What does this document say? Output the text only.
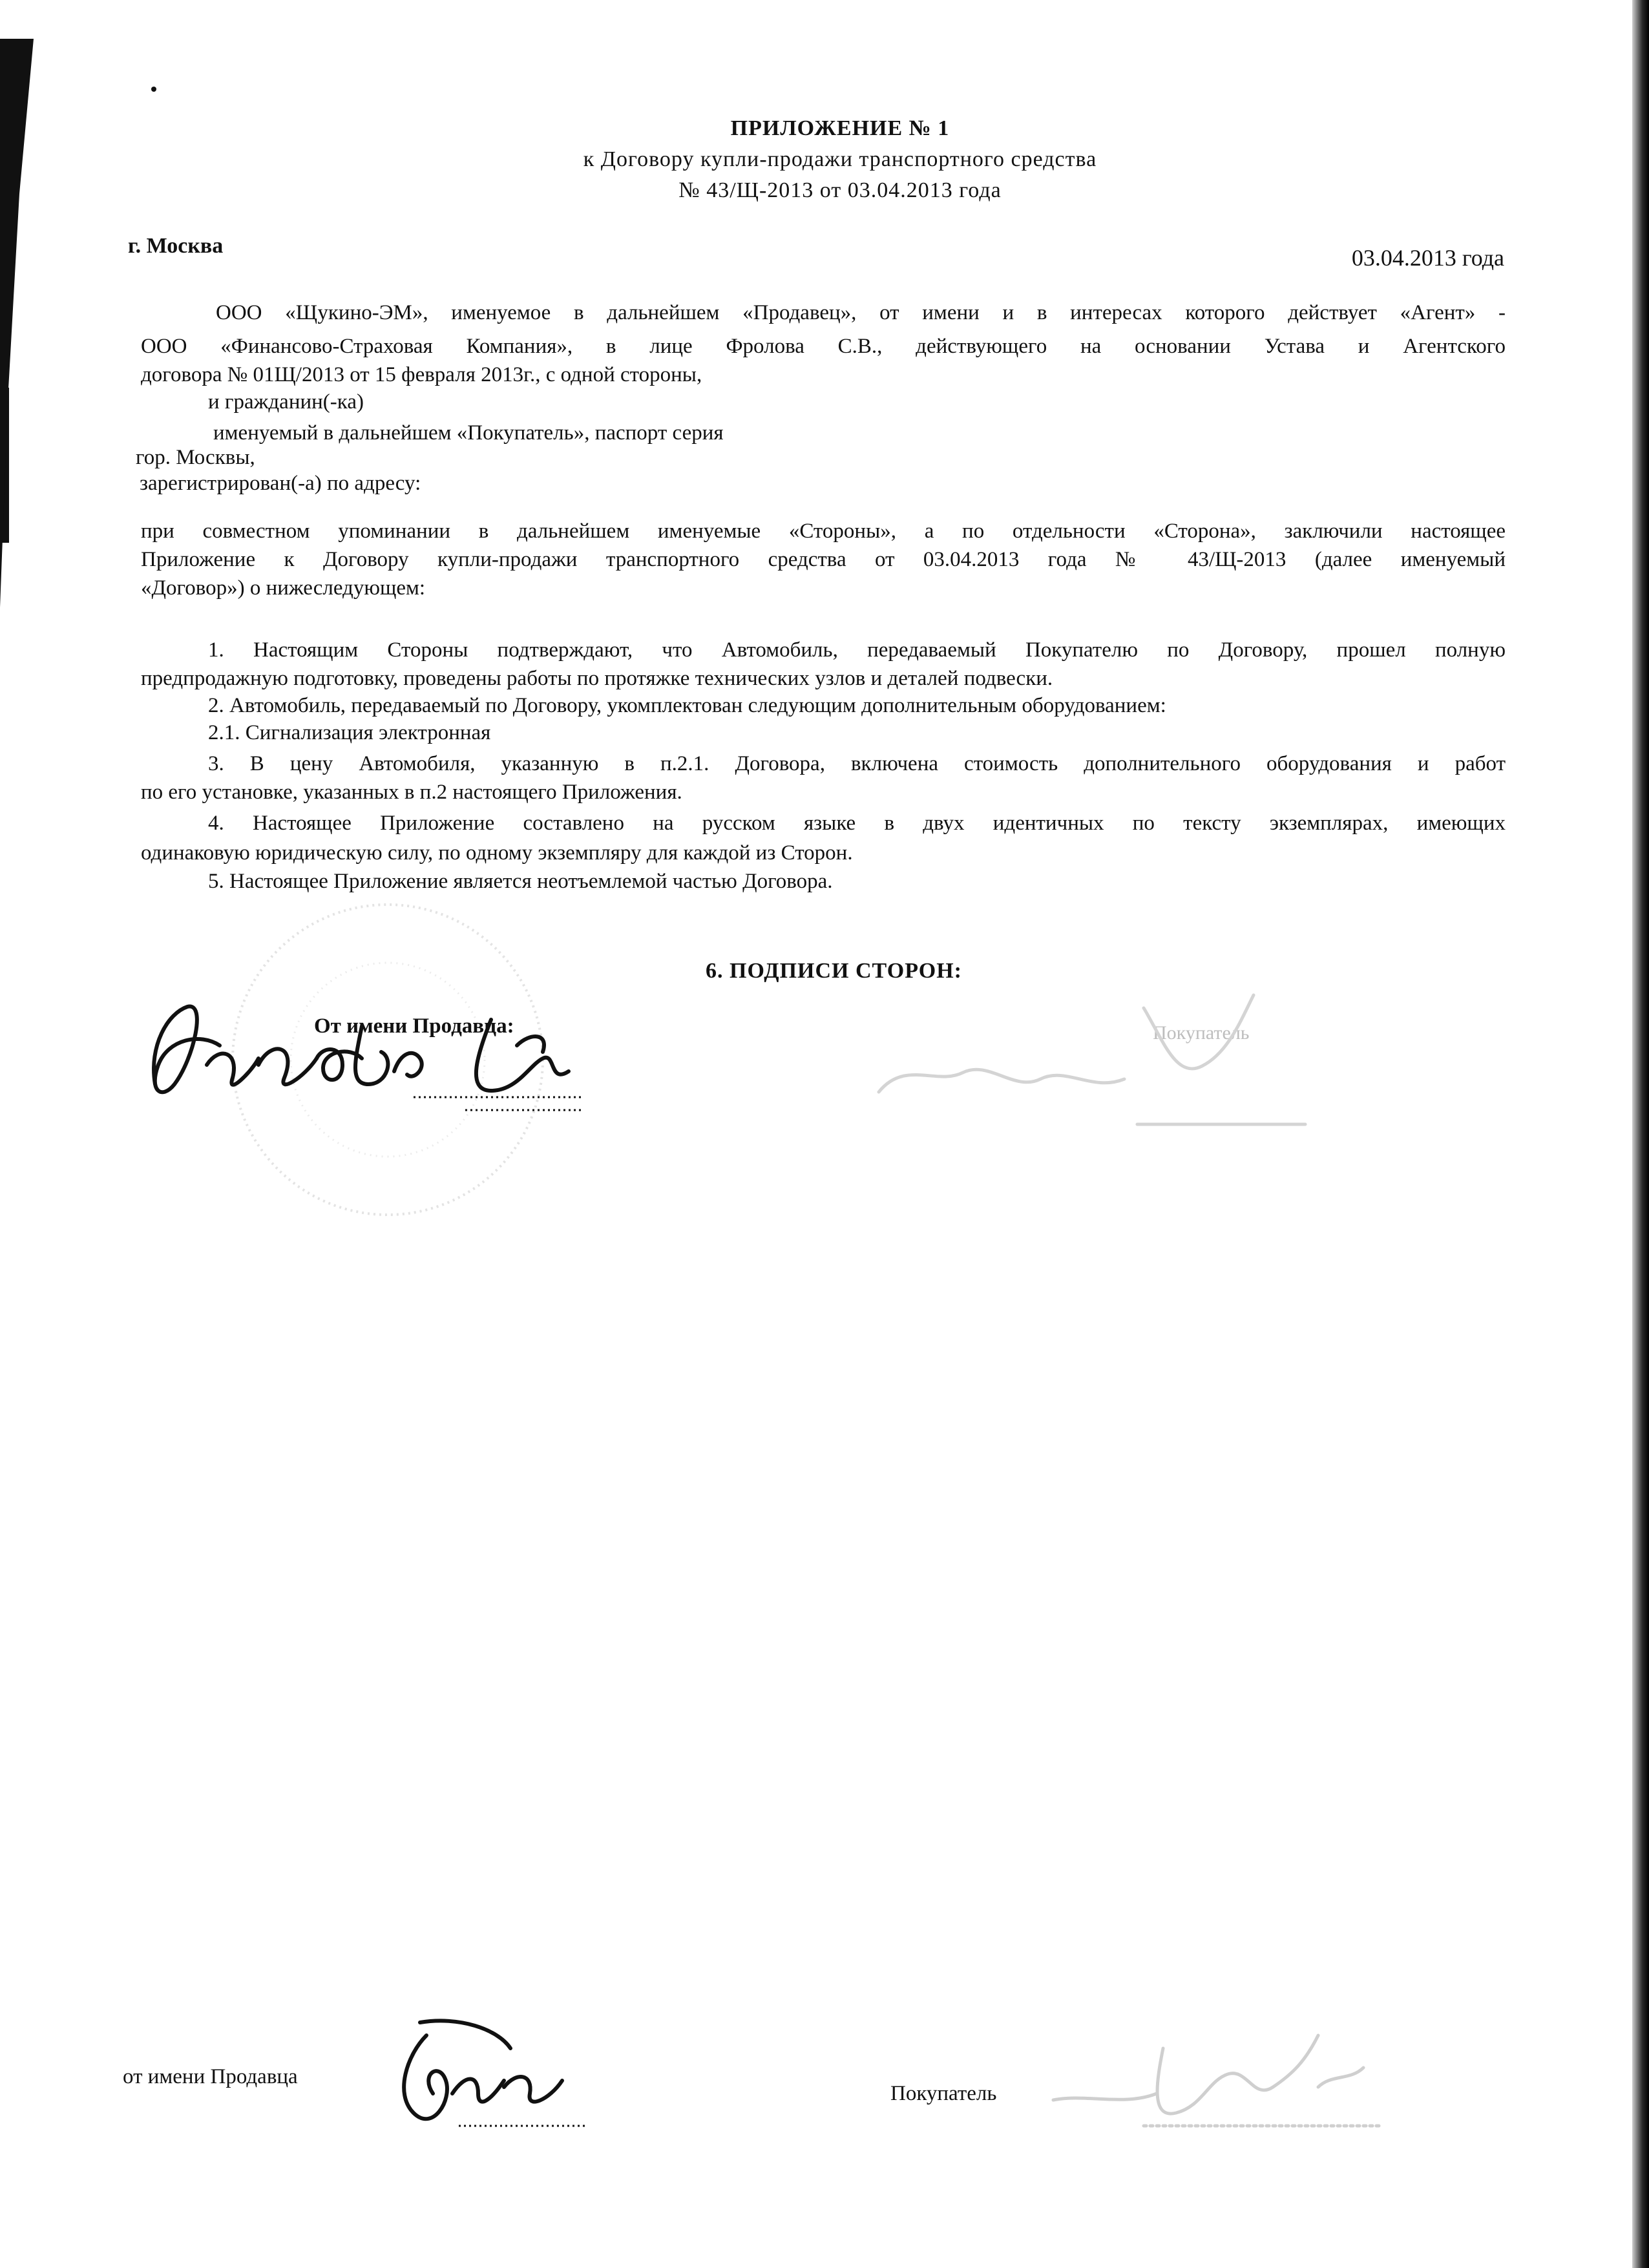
ПРИЛОЖЕНИЕ № 1
к Договору купли-продажи транспортного средства
№ 43/Щ-2013 от 03.04.2013 года
г. Москва	03.04.2013 года
ООО «Щукино-ЭМ», именуемое в дальнейшем «Продавец», от имени и в интересах которого действует «Агент» -
ООО «Финансово-Страховая Компания», в лице Фролова С.В., действующего на основании Устава и Агентского
договора № 01Щ/2013 от 15 февраля 2013г., с одной стороны,
и гражданин(-ка)
именуемый в дальнейшем «Покупатель», паспорт серия
гор. Москвы,
зарегистрирован(-а) по адресу:
при совместном упоминании в дальнейшем именуемые «Стороны», а по отдельности «Сторона», заключили настоящее
Приложение к Договору купли-продажи транспортного средства от 03.04.2013 года № 43/Щ-2013 (далее именуемый
«Договор») о нижеследующем:
1. Настоящим Стороны подтверждают, что Автомобиль, передаваемый Покупателю по Договору, прошел полную
предпродажную подготовку, проведены работы по протяжке технических узлов и деталей подвески.
2. Автомобиль, передаваемый по Договору, укомплектован следующим дополнительным оборудованием:
2.1. Сигнализация электронная
3. В цену Автомобиля, указанную в п.2.1. Договора, включена стоимость дополнительного оборудования и работ
по его установке, указанных в п.2 настоящего Приложения.
4. Настоящее Приложение составлено на русском языке в двух идентичных по тексту экземплярах, имеющих
одинаковую юридическую силу, по одному экземпляру для каждой из Сторон.
5. Настоящее Приложение является неотъемлемой частью Договора.
6. ПОДПИСИ СТОРОН:
От имени Продавца:	Покупатель
от имени Продавца
Покупатель
